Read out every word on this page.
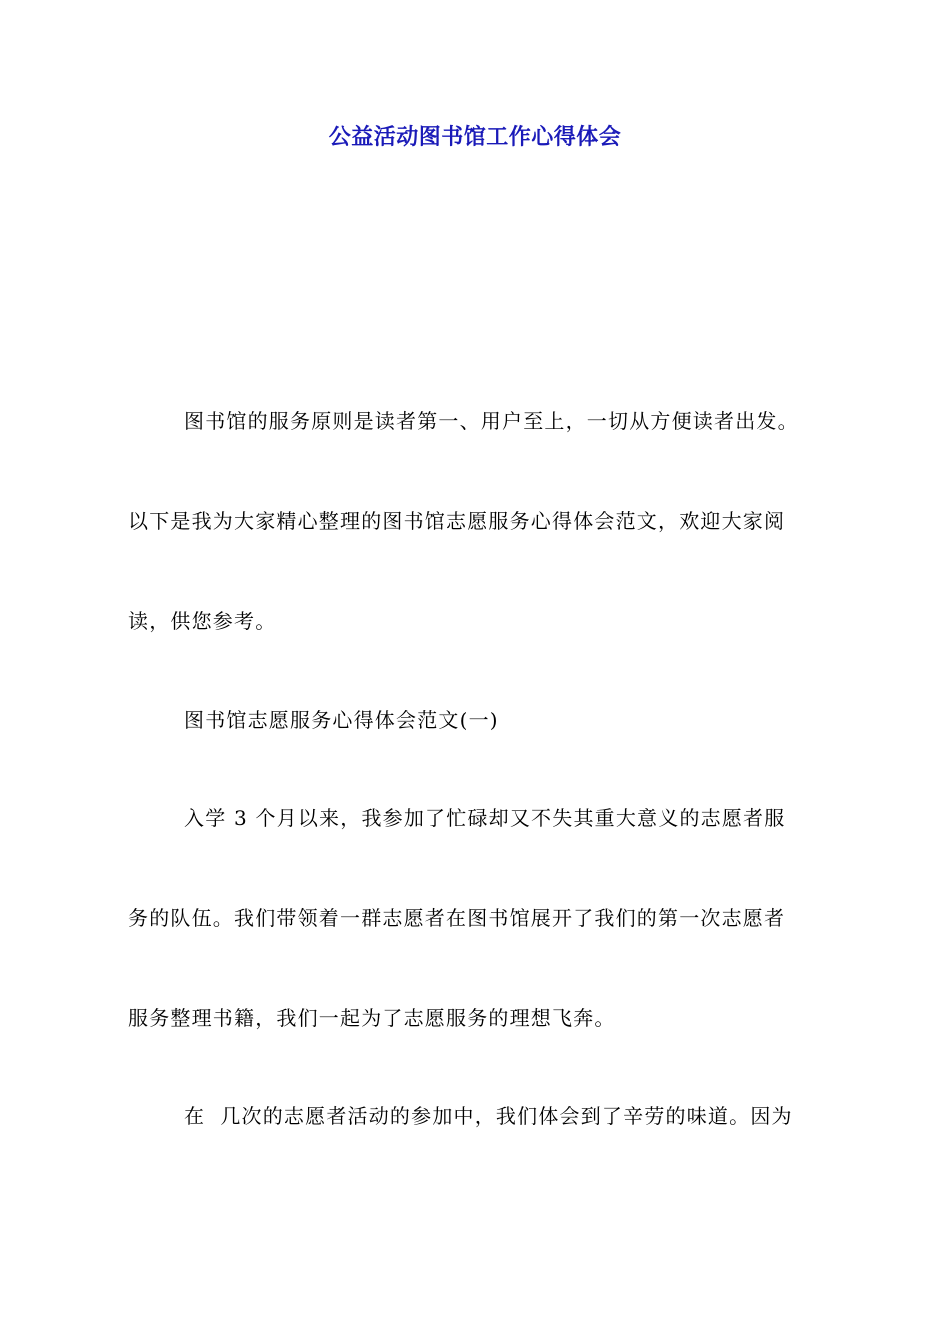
公益活动图书馆工作心得体会
图书馆的服务原则是读者第一、用户至上，一切从方便读者出发。
以下是我为大家精心整理的图书馆志愿服务心得体会范文，欢迎大家阅
读，供您参考。
图书馆志愿服务心得体会范文(一)
入学 3 个月以来，我参加了忙碌却又不失其重大意义的志愿者服
务的队伍。我们带领着一群志愿者在图书馆展开了我们的第一次志愿者
服务整理书籍，我们一起为了志愿服务的理想飞奔。
在  几次的志愿者活动的参加中，我们体会到了辛劳的味道。因为
